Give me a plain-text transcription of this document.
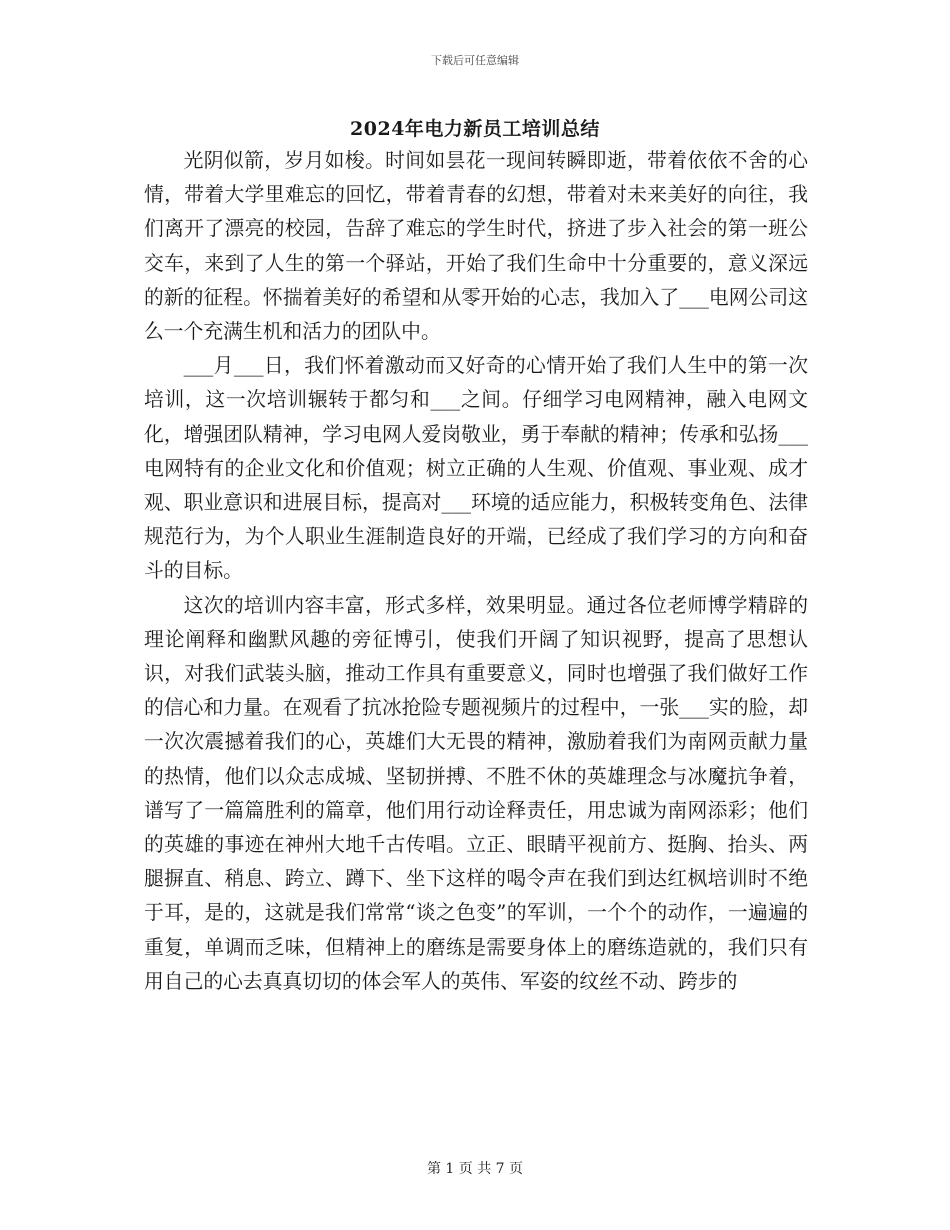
下载后可任意编辑
2024年电力新员工培训总结

光阴似箭，岁月如梭。时间如昙花一现间转瞬即逝，带着依依不舍的心情，带着大学里难忘的回忆，带着青春的幻想，带着对未来美好的向往，我们离开了漂亮的校园，告辞了难忘的学生时代，挤进了步入社会的第一班公交车，来到了人生的第一个驿站，开始了我们生命中十分重要的，意义深远的新的征程。怀揣着美好的希望和从零开始的心志，我加入了___电网公司这么一个充满生机和活力的团队中。

___月___日，我们怀着激动而又好奇的心情开始了我们人生中的第一次培训，这一次培训辗转于都匀和___之间。仔细学习电网精神，融入电网文化，增强团队精神，学习电网人爱岗敬业，勇于奉献的精神；传承和弘扬___电网特有的企业文化和价值观；树立正确的人生观、价值观、事业观、成才观、职业意识和进展目标，提高对___环境的适应能力，积极转变角色、法律规范行为，为个人职业生涯制造良好的开端，已经成了我们学习的方向和奋斗的目标。

这次的培训内容丰富，形式多样，效果明显。通过各位老师博学精辟的理论阐释和幽默风趣的旁征博引，使我们开阔了知识视野，提高了思想认识，对我们武装头脑，推动工作具有重要意义，同时也增强了我们做好工作的信心和力量。在观看了抗冰抢险专题视频片的过程中，一张___实的脸，却一次次震撼着我们的心，英雄们大无畏的精神，激励着我们为南网贡献力量的热情，他们以众志成城、坚韧拼搏、不胜不休的英雄理念与冰魔抗争着，谱写了一篇篇胜利的篇章，他们用行动诠释责任，用忠诚为南网添彩；他们的英雄的事迹在神州大地千古传唱。立正、眼睛平视前方、挺胸、抬头、两腿摒直、稍息、跨立、蹲下、坐下这样的喝令声在我们到达红枫培训时不绝于耳，是的，这就是我们常常“谈之色变”的军训，一个个的动作，一遍遍的重复，单调而乏味，但精神上的磨练是需要身体上的磨练造就的，我们只有用自己的心去真真切切的体会军人的英伟、军姿的纹丝不动、跨步的

第 1 页 共 7 页
